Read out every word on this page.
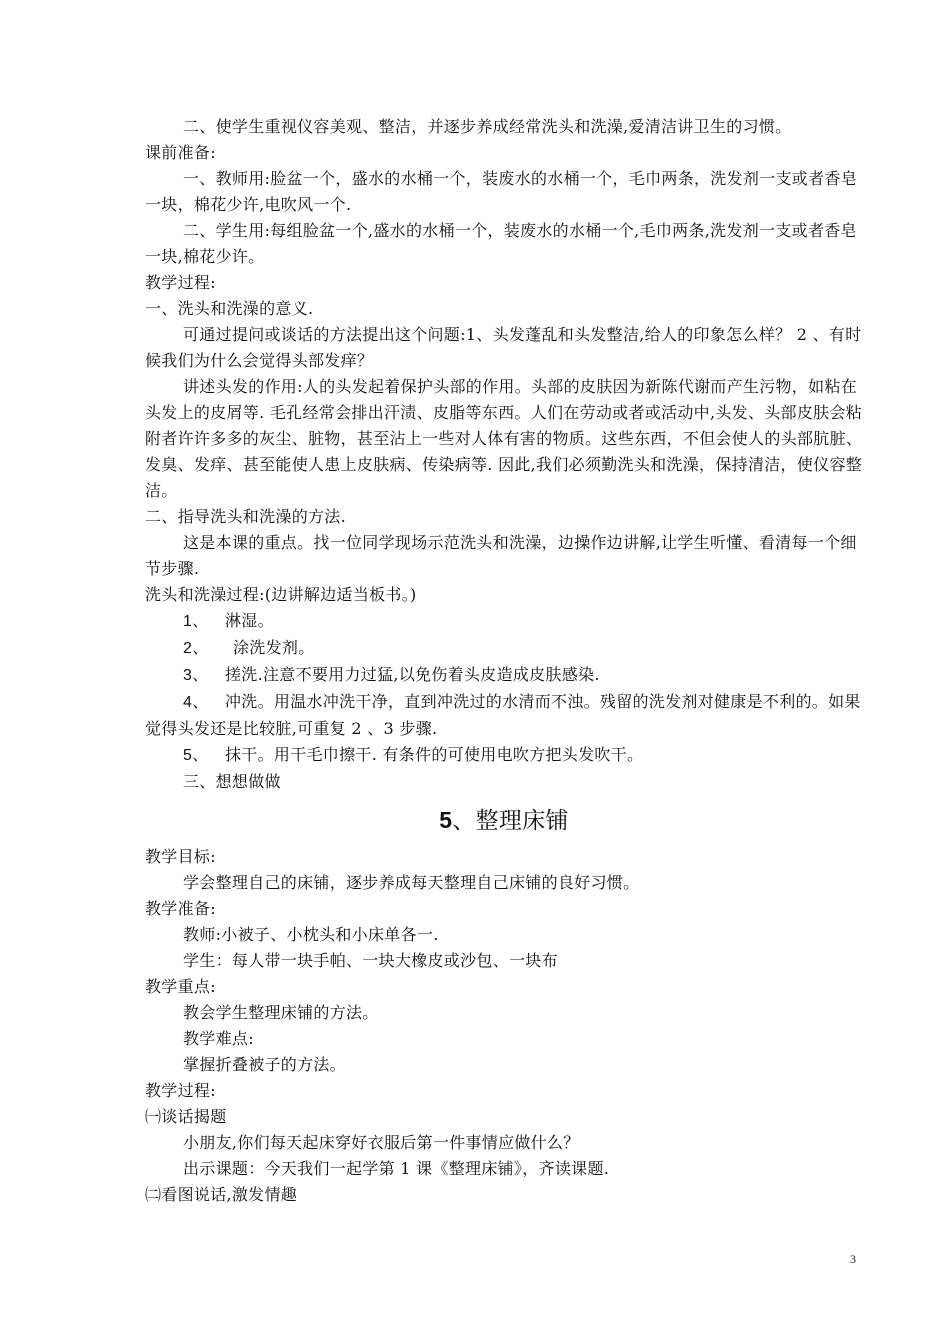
二、使学生重视仪容美观、整洁，并逐步养成经常洗头和洗澡,爱清洁讲卫生的习惯。

课前准备:

一、教师用:脸盆一个，盛水的水桶一个，装废水的水桶一个，毛巾两条，洗发剂一支或者香皂一块，棉花少许,电吹风一个.

二、学生用:每组脸盆一个,盛水的水桶一个，装废水的水桶一个,毛巾两条,洗发剂一支或者香皂一块,棉花少许。

教学过程:

一、洗头和洗澡的意义.

可通过提问或谈话的方法提出这个问题:1、头发蓬乱和头发整洁,给人的印象怎么样？ 2 、有时候我们为什么会觉得头部发痒？

讲述头发的作用:人的头发起着保护头部的作用。头部的皮肤因为新陈代谢而产生污物，如粘在头发上的皮屑等. 毛孔经常会排出汗渍、皮脂等东西。人们在劳动或者或活动中,头发、头部皮肤会粘附者许许多多的灰尘、脏物，甚至沾上一些对人体有害的物质。这些东西，不但会使人的头部肮脏、发臭、发痒、甚至能使人患上皮肤病、传染病等. 因此,我们必须勤洗头和洗澡，保持清洁，使仪容整洁。

二、指导洗头和洗澡的方法.

这是本课的重点。找一位同学现场示范洗头和洗澡，边操作边讲解,让学生听懂、看清每一个细节步骤.

洗头和洗澡过程:(边讲解边适当板书。)

1、 淋湿。

2、 涂洗发剂。

3、 搓洗.注意不要用力过猛,以免伤着头皮造成皮肤感染.

4、 冲洗。用温水冲洗干净，直到冲洗过的水清而不浊。残留的洗发剂对健康是不利的。如果觉得头发还是比较脏,可重复 2 、3 步骤.

5、 抹干。用干毛巾擦干. 有条件的可使用电吹方把头发吹干。

三、想想做做

5、整理床铺

教学目标:

学会整理自己的床铺，逐步养成每天整理自己床铺的良好习惯。

教学准备:

教师:小被子、小枕头和小床单各一.

学生：每人带一块手帕、一块大橡皮或沙包、一块布

教学重点:

教会学生整理床铺的方法。

教学难点:

掌握折叠被子的方法。

教学过程:

㈠谈话揭题

小朋友,你们每天起床穿好衣服后第一件事情应做什么？

出示课题：今天我们一起学第 1 课《整理床铺》，齐读课题.

㈡看图说话,激发情趣

3
